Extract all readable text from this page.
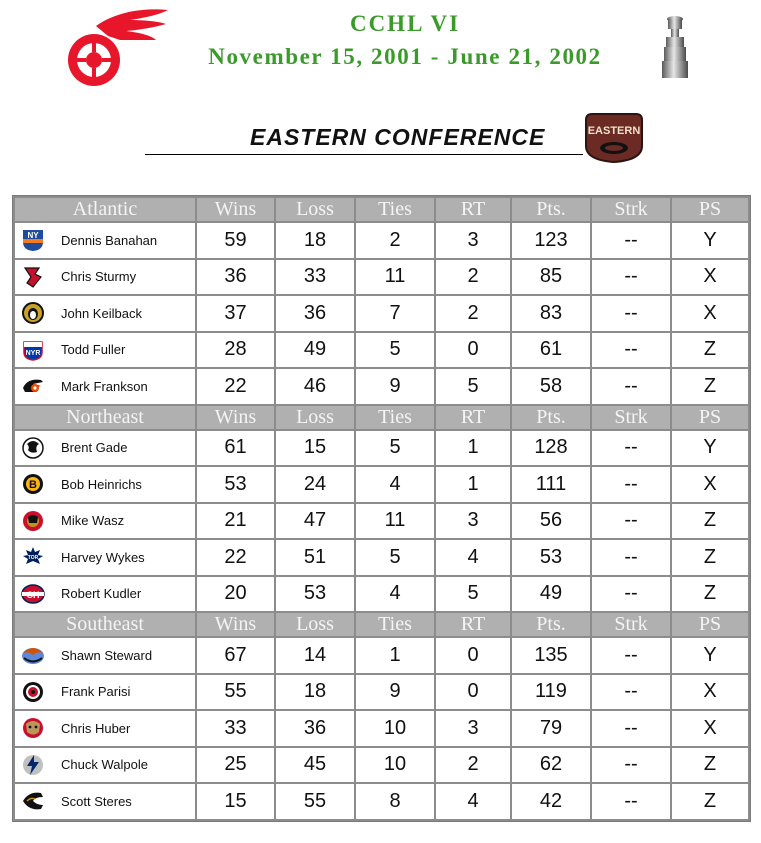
CCHL VI
November 15, 2001 - June 21, 2002
EASTERN CONFERENCE	EASTERN
Atlantic	Wins	Loss	Ties	RT	Pts.	Strk	PS

NY Dennis Banahan	59	18	2	3	123	--	Y

Chris Sturmy	36	33	11	2	85	--	X

John Keilback	37	36	7	2	83	--	X

NYR Todd Fuller	28	49	5	0	61	--	Z

Mark Frankson	22	46	9	5	58	--	Z
Northeast	Wins	Loss	Ties	RT	Pts.	Strk	PS

Brent Gade	61	15	5	1	128	--	Y

B Bob Heinrichs	53	24	4	1	111	--	X

Mike Wasz	21	47	11	3	56	--	Z

TOR Harvey Wykes	22	51	5	4	53	--	Z

CH Robert Kudler	20	53	4	5	49	--	Z
Southeast	Wins	Loss	Ties	RT	Pts.	Strk	PS

Shawn Steward	67	14	1	0	135	--	Y

Frank Parisi	55	18	9	0	119	--	X

Chris Huber	33	36	10	3	79	--	X

Chuck Walpole	25	45	10	2	62	--	Z

Scott Steres	15	55	8	4	42	--	Z
